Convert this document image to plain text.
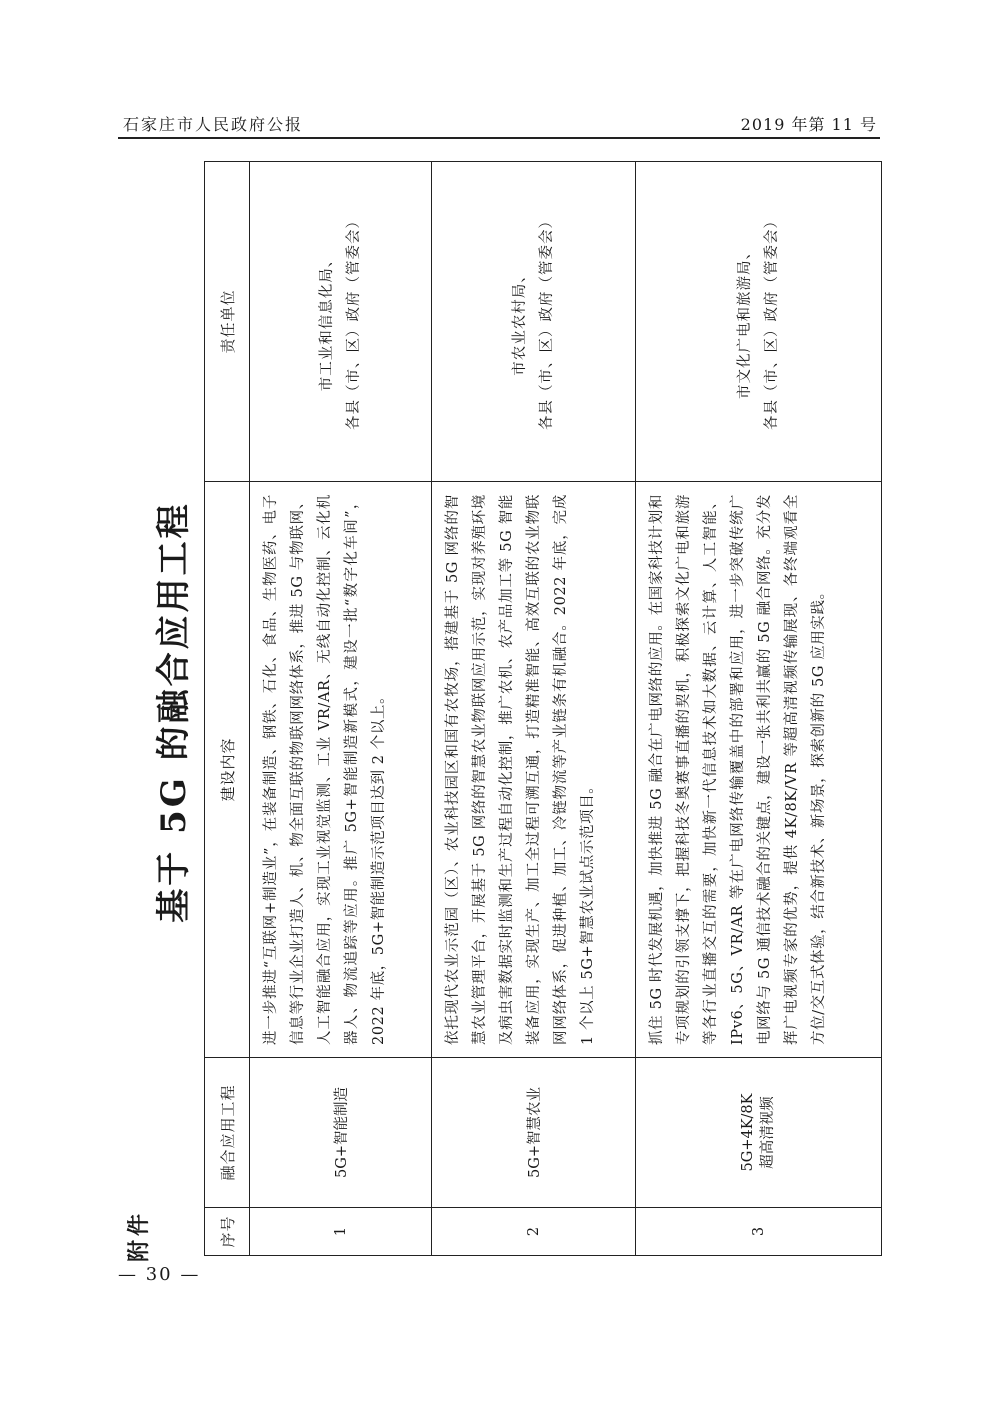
石家庄市人民政府公报	2019 年第 11 号
附件
基于 5G 的融合应用工程
序号	融合应用工程	建设内容	责任单位
1	5G+智能制造	进一步推进“互联网+制造业”，在装备制造、钢铁、石化、食品、生物医药、电子信息等行业企业打造人、机、物全面互联的物联网网络体系，推进 5G 与物联网、人工智能融合应用，实现工业视觉监测、工业 VR/AR、无线自动化控制、云化机器人、物流追踪等应用。推广 5G+智能制造新模式，建设一批“数字化车间”，2022 年底，5G+智能制造示范项目达到 2 个以上。	市工业和信息化局、 各县（市、区）政府（管委会）

2	5G+智慧农业	依托现代农业示范园（区）、农业科技园区和国有农牧场，搭建基于 5G 网络的智慧农业管理平台，开展基于 5G 网络的智慧农业物联网应用示范，实现对养殖环境及病虫害数据实时监测和生产过程自动化控制，推广农机、农产品加工等 5G 智能装备应用，实现生产、加工全过程可溯互通，打造精准智能、高效互联的农业物联网网络体系，促进种植、加工、冷链物流等产业链条有机融合。2022 年底，完成 1 个以上 5G+智慧农业试点示范项目。	市农业农村局、 各县（市、区）政府（管委会）

3	5G+4K/8K 超高清视频	抓住 5G 时代发展机遇，加快推进 5G 融合在广电网络的应用。在国家科技计划和专项规划的引领支撑下，把握科技冬奥赛事直播的契机，积极探索文化广电和旅游等各行业直播交互的需要，加快新一代信息技术如大数据、云计算、人工智能、IPv6、5G、VR/AR 等在广电网络传输覆盖中的部署和应用，进一步突破传统广电网络与 5G 通信技术融合的关键点，建设一张共利共赢的 5G 融合网络。充分发挥广电视频专家的优势，提供 4K/8K/VR 等超高清视频传输展现、各终端观看全方位/交互式体验，结合新技术、新场景，探索创新的 5G 应用实践。	市文化广电和旅游局、 各县（市、区）政府（管委会）
— 30 —
